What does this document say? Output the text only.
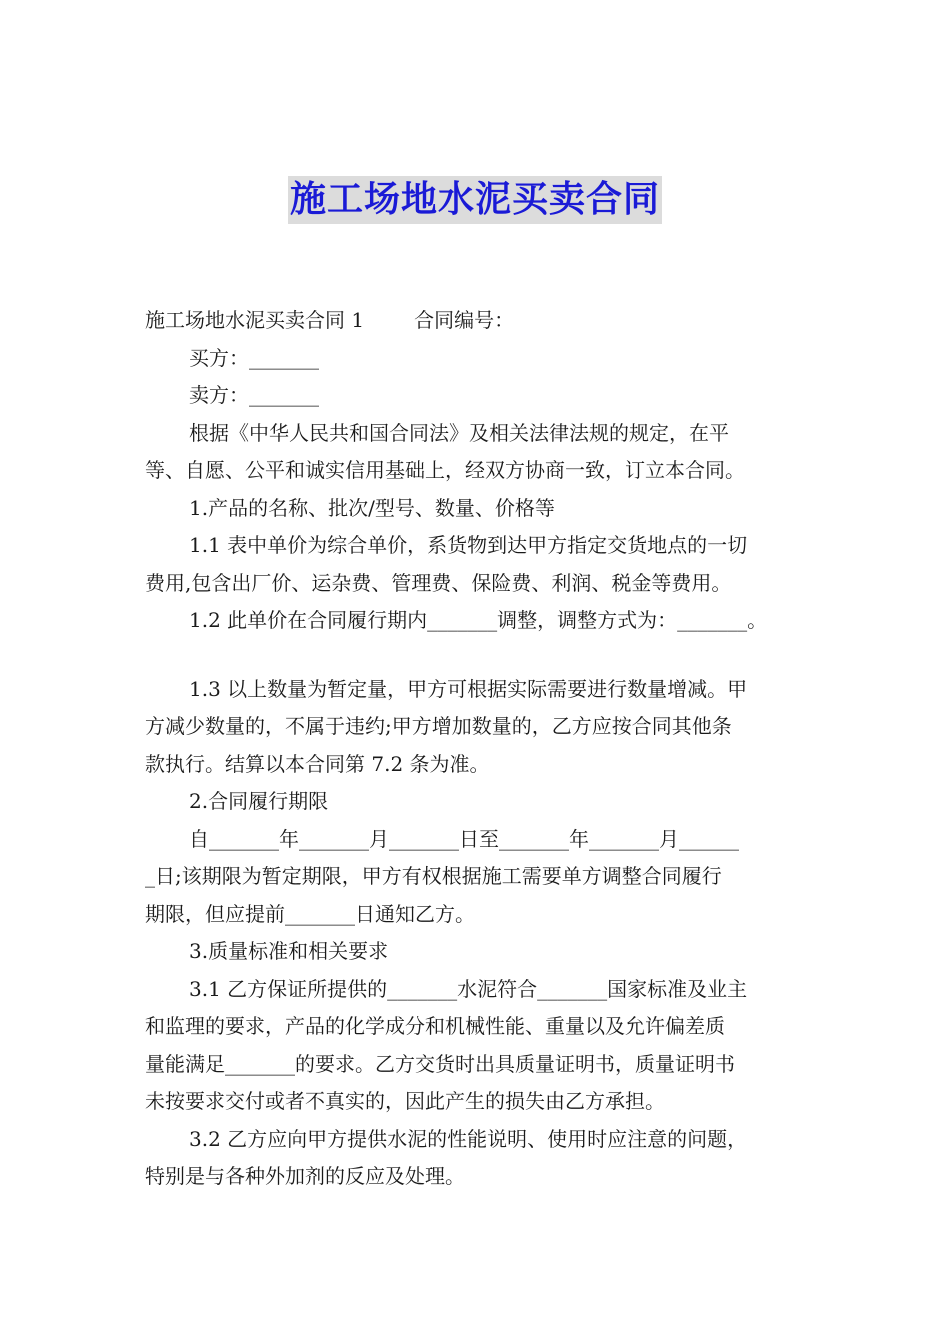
施工场地水泥买卖合同

施工场地水泥买卖合同 1	合同编号：

买方：_______

卖方：_______

根据《中华人民共和国合同法》及相关法律法规的规定，在平

等、自愿、公平和诚实信用基础上，经双方协商一致，订立本合同。

1.产品的名称、批次/型号、数量、价格等

1.1 表中单价为综合单价，系货物到达甲方指定交货地点的一切

费用,包含出厂价、运杂费、管理费、保险费、利润、税金等费用。

1.2 此单价在合同履行期内_______调整，调整方式为：_______。

1.3 以上数量为暂定量，甲方可根据实际需要进行数量增减。甲

方减少数量的，不属于违约;甲方增加数量的，乙方应按合同其他条

款执行。结算以本合同第 7.2 条为准。

2.合同履行期限

自_______年_______月_______日至_______年_______月______

_日;该期限为暂定期限，甲方有权根据施工需要单方调整合同履行

期限，但应提前_______日通知乙方。

3.质量标准和相关要求

3.1 乙方保证所提供的_______水泥符合_______国家标准及业主

和监理的要求，产品的化学成分和机械性能、重量以及允许偏差质

量能满足_______的要求。乙方交货时出具质量证明书，质量证明书

未按要求交付或者不真实的，因此产生的损失由乙方承担。

3.2 乙方应向甲方提供水泥的性能说明、使用时应注意的问题，

特别是与各种外加剂的反应及处理。
